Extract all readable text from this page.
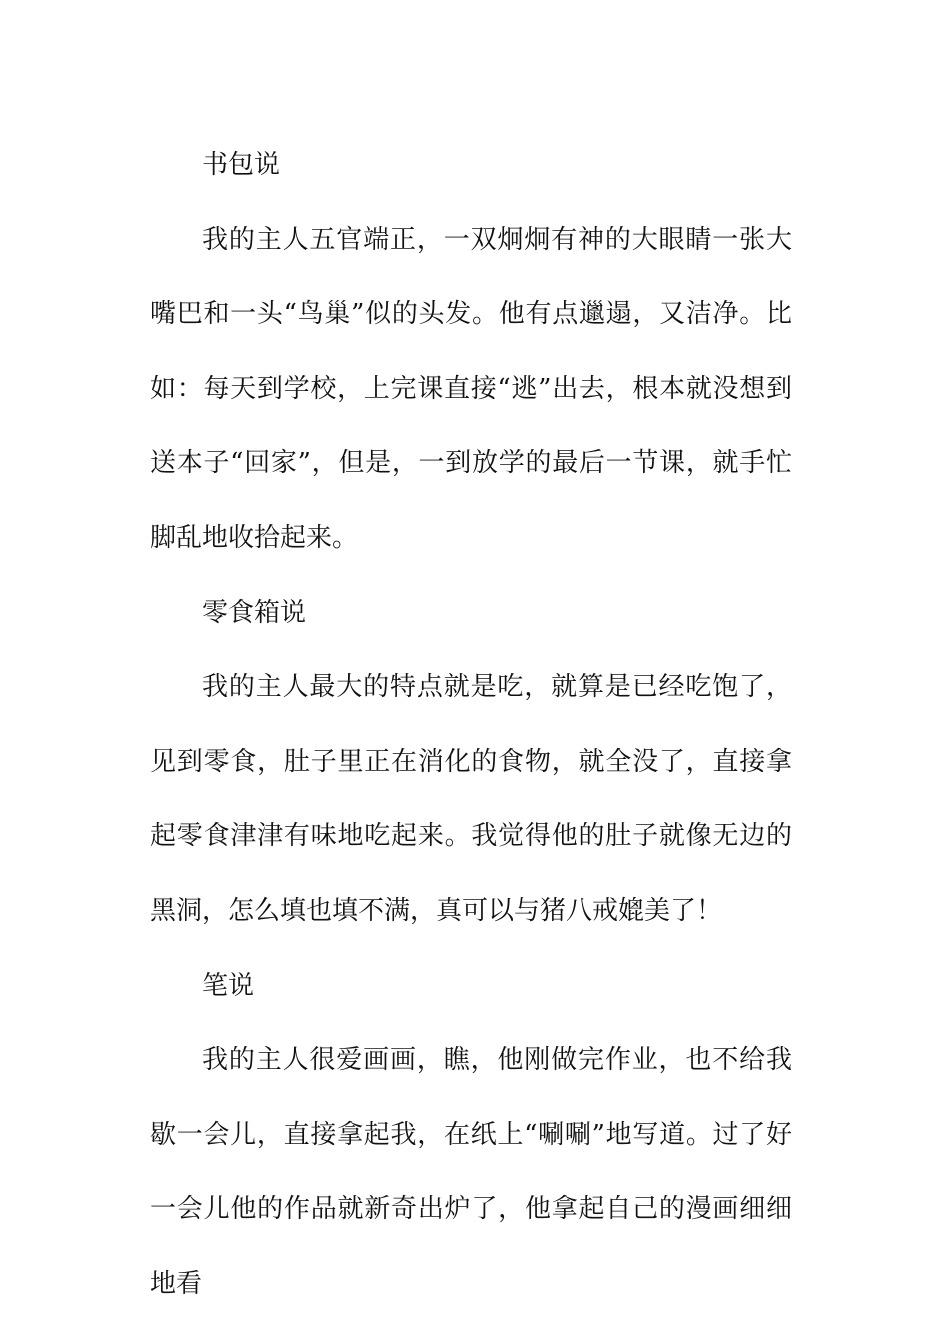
书包说

我的主人五官端正，一双炯炯有神的大眼睛一张大嘴巴和一头“鸟巢”似的头发。他有点邋遢，又洁净。比如：每天到学校，上完课直接“逃”出去，根本就没想到送本子“回家”，但是，一到放学的最后一节课，就手忙脚乱地收拾起来。

零食箱说

我的主人最大的特点就是吃，就算是已经吃饱了，见到零食，肚子里正在消化的食物，就全没了，直接拿起零食津津有味地吃起来。我觉得他的肚子就像无边的黑洞，怎么填也填不满，真可以与猪八戒媲美了！

笔说

我的主人很爱画画，瞧，他刚做完作业，也不给我歇一会儿，直接拿起我，在纸上“唰唰”地写道。过了好一会儿他的作品就新奇出炉了，他拿起自己的漫画细细地看
